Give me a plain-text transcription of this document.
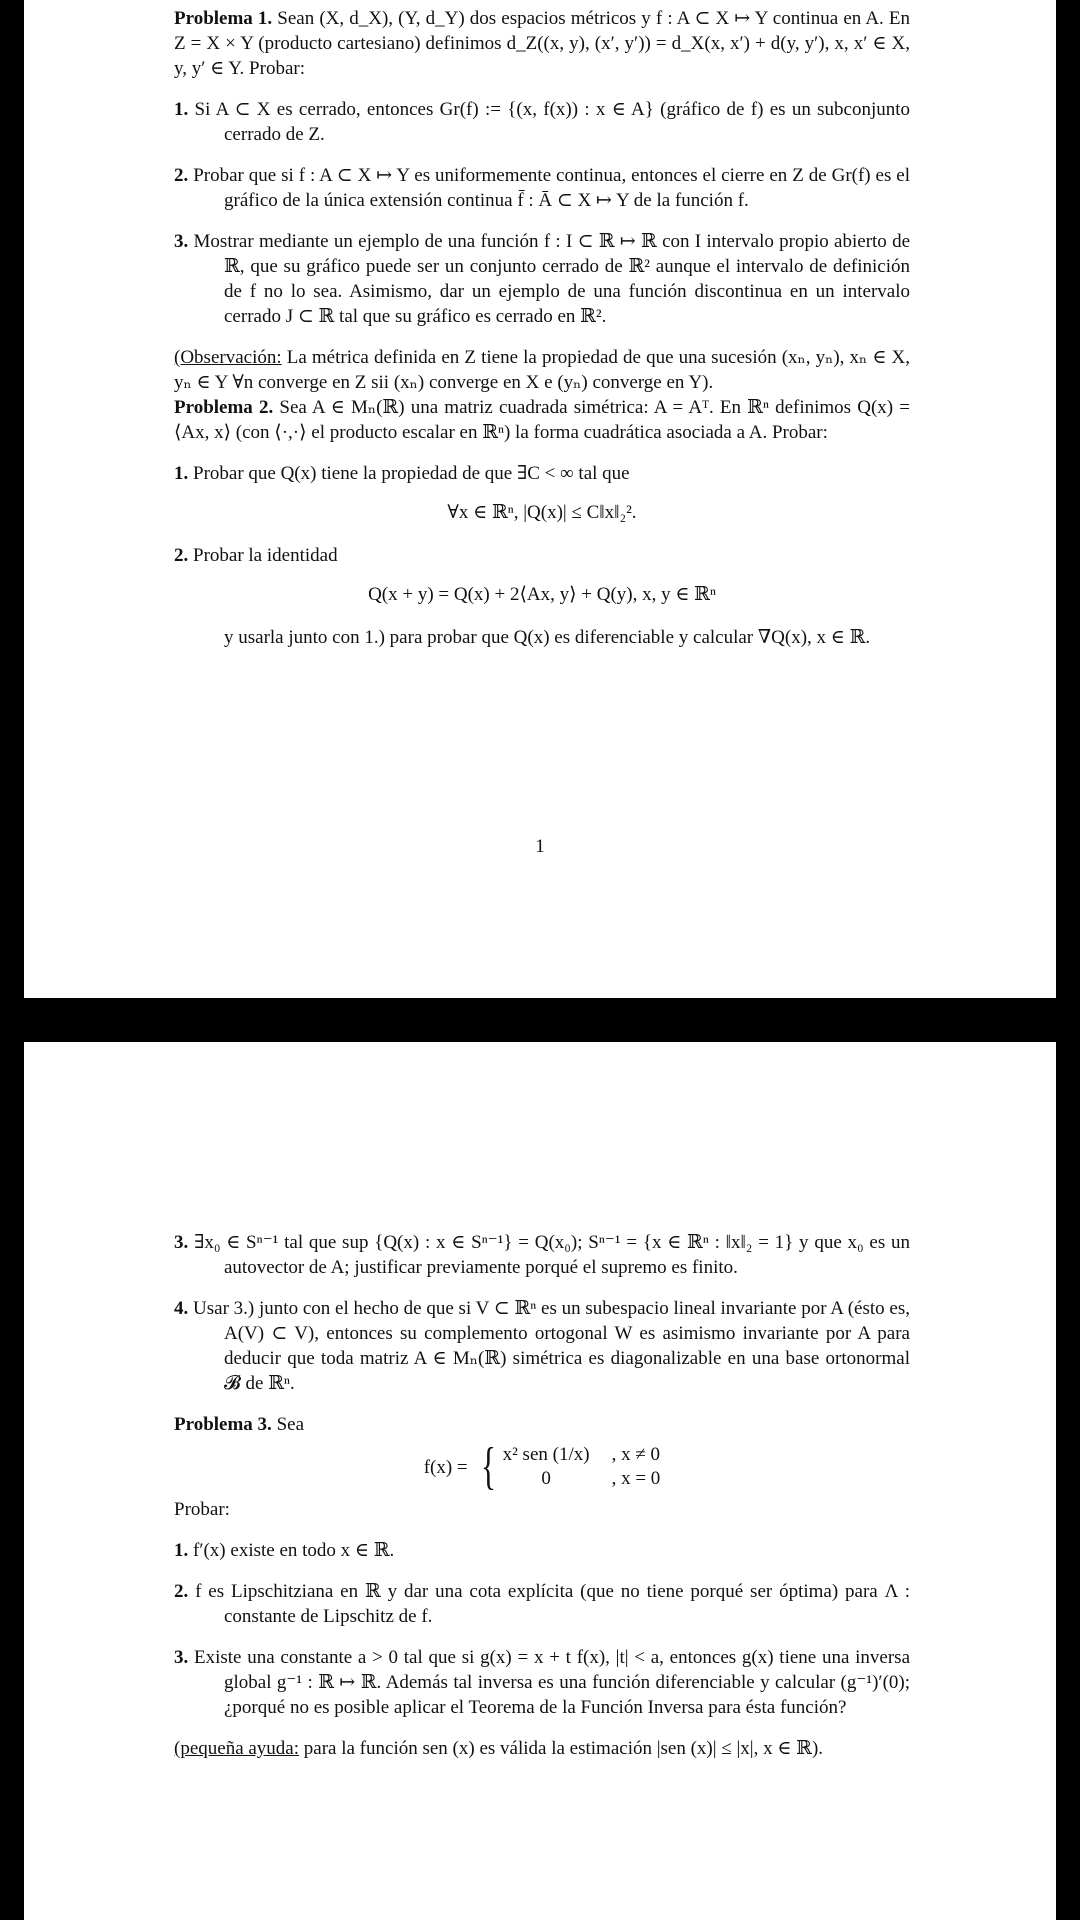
Problema 1. Sean (X, d_X), (Y, d_Y) dos espacios métricos y f : A ⊂ X ↦ Y continua en A. En Z = X × Y (producto cartesiano) definimos d_Z((x, y), (x′, y′)) = d_X(x, x′) + d(y, y′), x, x′ ∈ X, y, y′ ∈ Y. Probar:

1. Si A ⊂ X es cerrado, entonces Gr(f) := {(x, f(x)) : x ∈ A} (gráfico de f) es un subconjunto cerrado de Z.
2. Probar que si f : A ⊂ X ↦ Y es uniformemente continua, entonces el cierre en Z de Gr(f) es el gráfico de la única extensión continua f̄ : Ā ⊂ X ↦ Y de la función f.
3. Mostrar mediante un ejemplo de una función f : I ⊂ ℝ ↦ ℝ con I intervalo propio abierto de ℝ, que su gráfico puede ser un conjunto cerrado de ℝ² aunque el intervalo de definición de f no lo sea. Asimismo, dar un ejemplo de una función discontinua en un intervalo cerrado J ⊂ ℝ tal que su gráfico es cerrado en ℝ².

(Observación: La métrica definida en Z tiene la propiedad de que una sucesión (xₙ, yₙ), xₙ ∈ X, yₙ ∈ Y ∀n converge en Z sii (xₙ) converge en X e (yₙ) converge en Y).

Problema 2. Sea A ∈ Mₙ(ℝ) una matriz cuadrada simétrica: A = Aᵀ. En ℝⁿ definimos Q(x) = ⟨Ax, x⟩ (con ⟨·,·⟩ el producto escalar en ℝⁿ) la forma cuadrática asociada a A. Probar:

1. Probar que Q(x) tiene la propiedad de que ∃C < ∞ tal que

∀x ∈ ℝⁿ, |Q(x)| ≤ C‖x‖₂².

2. Probar la identidad

Q(x + y) = Q(x) + 2⟨Ax, y⟩ + Q(y), x, y ∈ ℝⁿ

y usarla junto con 1.) para probar que Q(x) es diferenciable y calcular ∇Q(x), x ∈ ℝ.

1
3. ∃x₀ ∈ Sⁿ⁻¹ tal que sup {Q(x) : x ∈ Sⁿ⁻¹} = Q(x₀); Sⁿ⁻¹ = {x ∈ ℝⁿ : ‖x‖₂ = 1} y que x₀ es un autovector de A; justificar previamente porqué el supremo es finito.
4. Usar 3.) junto con el hecho de que si V ⊂ ℝⁿ es un subespacio lineal invariante por A (ésto es, A(V) ⊂ V), entonces su complemento ortogonal W es asimismo invariante por A para deducir que toda matriz A ∈ Mₙ(ℝ) simétrica es diagonalizable en una base ortonormal 𝓑 de ℝⁿ.

Problema 3. Sea

f(x) = { x² sen (1/x) , x ≠ 0
0	, x = 0

Probar:

1. f′(x) existe en todo x ∈ ℝ.
2. f es Lipschitziana en ℝ y dar una cota explícita (que no tiene porqué ser óptima) para Λ : constante de Lipschitz de f.
3. Existe una constante a > 0 tal que si g(x) = x + t f(x), |t| < a, entonces g(x) tiene una inversa global g⁻¹ : ℝ ↦ ℝ. Además tal inversa es una función diferenciable y calcular (g⁻¹)′(0); ¿porqué no es posible aplicar el Teorema de la Función Inversa para ésta función?

(pequeña ayuda: para la función sen (x) es válida la estimación |sen (x)| ≤ |x|, x ∈ ℝ).
